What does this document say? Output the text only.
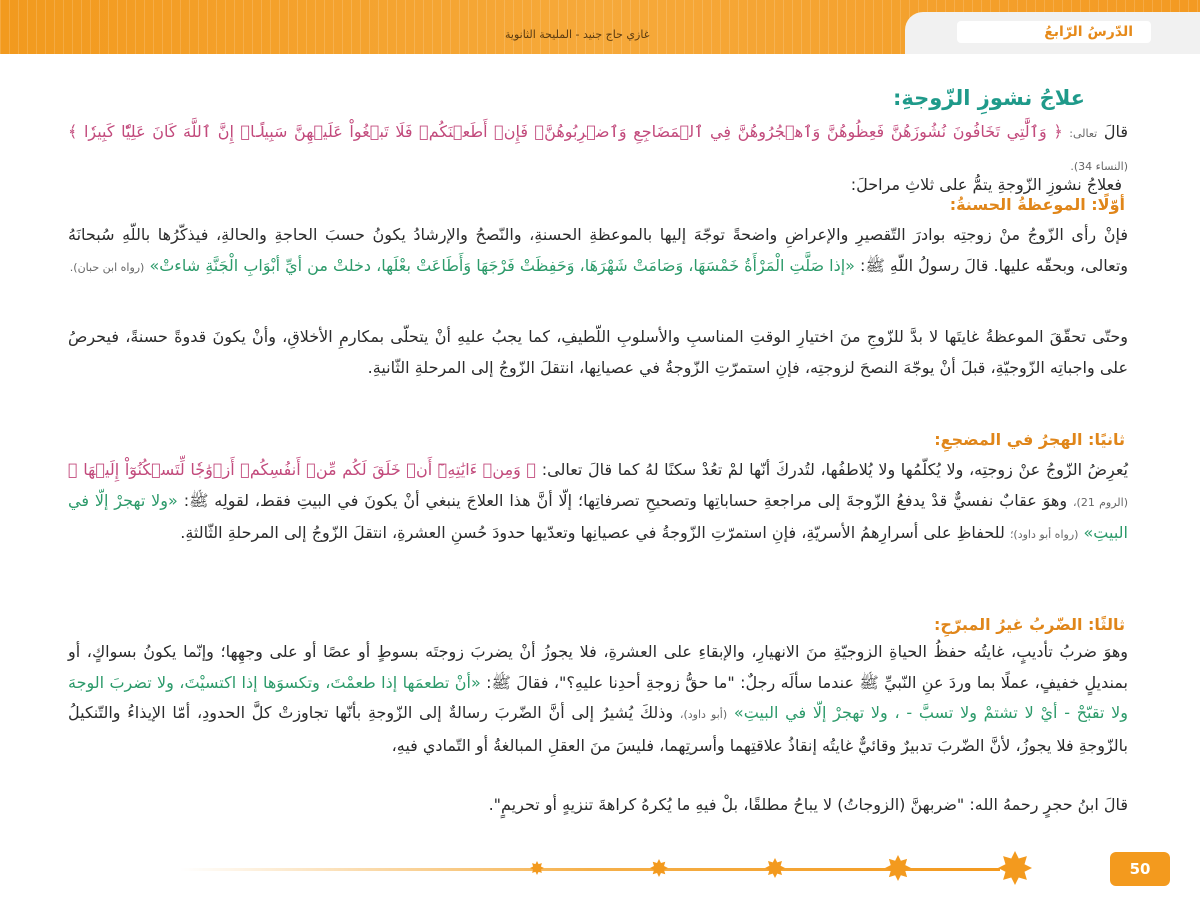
غازي حاج جنيد - المليحة الثانوية	الدّرسُ الرّابعُ
علاجُ نشوزِ الزّوجةِ:
قالَ تعالى: ﴿ وَٱلَّٰتِي تَخَافُونَ نُشُوزَهُنَّ فَعِظُوهُنَّ وَٱهۡجُرُوهُنَّ فِي ٱلۡمَضَاجِعِ وَٱضۡرِبُوهُنَّۖ فَإِنۡ أَطَعۡنَكُمۡ فَلَا تَبۡغُواْ عَلَيۡهِنَّ سَبِيلًاۗ إِنَّ ٱللَّهَ كَانَ عَلِيّٗا كَبِيرٗا ﴾ (النساء 34).
فعلاجُ نشوزِ الزّوجةِ يتمُّ على ثلاثِ مراحلَ:
أوّلًا: الموعظةُ الحسنةُ:
فإنْ رأى الزّوجُ منْ زوجتِه بوادرَ التّقصيرِ والإعراضِ واضحةً توجّهَ إليها بالموعظةِ الحسنةِ، والنّصحُ والإرشادُ يكونُ حسبَ الحاجةِ والحالةِ، فيذكّرُها باللّهِ سُبحانَهُ وتعالى، وبحقّه عليها. قالَ رسولُ اللّهِ ﷺ: «إذا صَلَّتِ الْمَرْأَةُ خَمْسَهَا، وَصَامَتْ شَهْرَهَا، وَحَفِظَتْ فَرْجَهَا وَأَطَاعَتْ بعْلَها، دخلتْ من أيِّ أبْوَابِ الْجَنَّةِ شاءتْ» (رواه ابن حبان).
وحتّى تحقّقَ الموعظةُ غايتَها لا بدَّ للزّوجِ منَ اختيارِ الوقتِ المناسبِ والأسلوبِ اللّطيفِ، كما يجبُ عليهِ أنْ يتحلّى بمكارمِ الأخلاقِ، وأنْ يكونَ قدوةً حسنةً، فيحرصُ على واجباتِه الزّوجيّةِ، قبلَ أنْ يوجّهَ النصحَ لزوجتِه، فإنِ استمرّتِ الزّوجةُ في عصيانِها، انتقلَ الزّوجُ إلى المرحلةِ الثّانيةِ.
ثانيًا: الهجرُ في المضجعِ:
يُعرِضُ الزّوجُ عنْ زوجتِه، ولا يُكلّمُها ولا يُلاطفُها، لتُدركَ أنّها لمْ تعُدْ سكنًا لهُ كما قالَ تعالى: ﴿ وَمِنۡ ءَايَٰتِهِۦٓ أَنۡ خَلَقَ لَكُم مِّنۡ أَنفُسِكُمۡ أَزۡوَٰجٗا لِّتَسۡكُنُوٓاْ إِلَيۡهَا ﴾ (الروم 21)، وهوَ عقابٌ نفسيٌّ قدْ يدفعُ الزّوجةَ إلى مراجعةِ حساباتِها وتصحيحِ تصرفاتِها؛ إلّا أنَّ هذا العلاجَ ينبغي أنْ يكونَ في البيتِ فقط، لقولِه ﷺ: «ولا تهجرْ إلّا في البيتِ» (رواه أبو داود)؛ للحفاظِ على أسرارِهمُ الأسريّةِ، فإنِ استمرّتِ الزّوجةُ في عصيانِها وتعدّيها حدودَ حُسنِ العشرةِ، انتقلَ الزّوجُ إلى المرحلةِ الثّالثةِ.
ثالثًا: الضّربُ غيرُ المبرّحِ:
وهوَ ضربُ تأديبٍ، غايتُه حفظُ الحياةِ الزوجيّةِ منَ الانهيارِ، والإبقاءِ على العشرةِ، فلا يجوزُ أنْ يضربَ زوجتَه بسوطٍ أو عصًا أو على وجهِها؛ وإنّما يكونُ بسواكٍ، أو بمنديلٍ خفيفٍ، عملًا بما وردَ عنِ النّبيِّ ﷺ عندما سألَه رجلٌ: "ما حقُّ زوجةِ أحدِنا عليهِ؟"، فقالَ ﷺ: «أنْ تطعمَها إذا طعمْتَ، وتكسوَها إذا اكتسيْتَ، ولا تضربَ الوجهَ ولا تقبّحْ - أيْ لا تشتمْ ولا تسبَّ - ، ولا تهجرْ إلّا في البيتِ» (أبو داود)، وذلكَ يُشيرُ إلى أنَّ الضّربَ رسالةٌ إلى الزّوجةِ بأنّها تجاوزتْ كلَّ الحدودِ، أمّا الإيذاءُ والتّنكيلُ بالزّوجةِ فلا يجوزُ، لأنَّ الضّربَ تدبيرٌ وقائيٌّ غايتُه إنقاذُ علاقتِهما وأسرتِهما، فليسَ منَ العقلِ المبالغةُ أو التّمادي فيهِ،
قالَ ابنُ حجرٍ رحمهُ الله: "ضربهنَّ (الزوجاتُ) لا يباحُ مطلقًا، بلْ فيهِ ما يُكرهُ كراهةَ تنزيهٍ أو تحريمٍ".
50
